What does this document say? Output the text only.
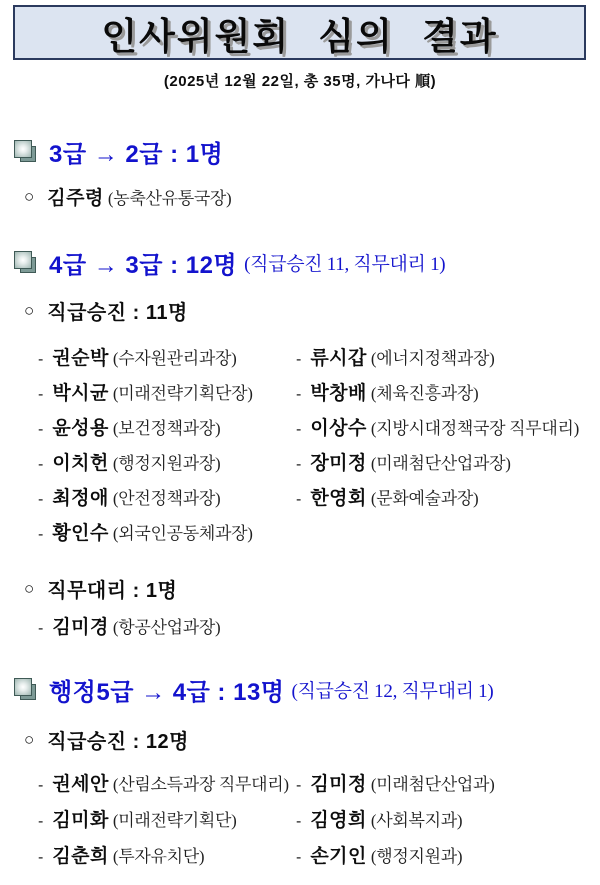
인사위원회 심의 결과
(2025년 12월 22일, 총 35명, 가나다 順)
3급 → 2급 : 1명
○ 김주령 (농축산유통국장)
4급 → 3급 : 12명 (직급승진 11, 직무대리 1)
○ 직급승진 : 11명
- 권순박 (수자원관리과장)	- 류시갑 (에너지정책과장)
- 박시균 (미래전략기획단장)	- 박창배 (체육진흥과장)
- 윤성용 (보건정책과장)	- 이상수 (지방시대정책국장 직무대리)
- 이치헌 (행정지원과장)	- 장미정 (미래첨단산업과장)
- 최정애 (안전정책과장)	- 한영회 (문화예술과장)
- 황인수 (외국인공동체과장)
○ 직무대리 : 1명
- 김미경 (항공산업과장)
행정5급 → 4급 : 13명 (직급승진 12, 직무대리 1)
○ 직급승진 : 12명
- 권세안 (산림소득과장 직무대리) - 김미정 (미래첨단산업과)
- 김미화 (미래전략기획단)	- 김영희 (사회복지과)
- 김춘희 (투자유치단)	- 손기인 (행정지원과)
